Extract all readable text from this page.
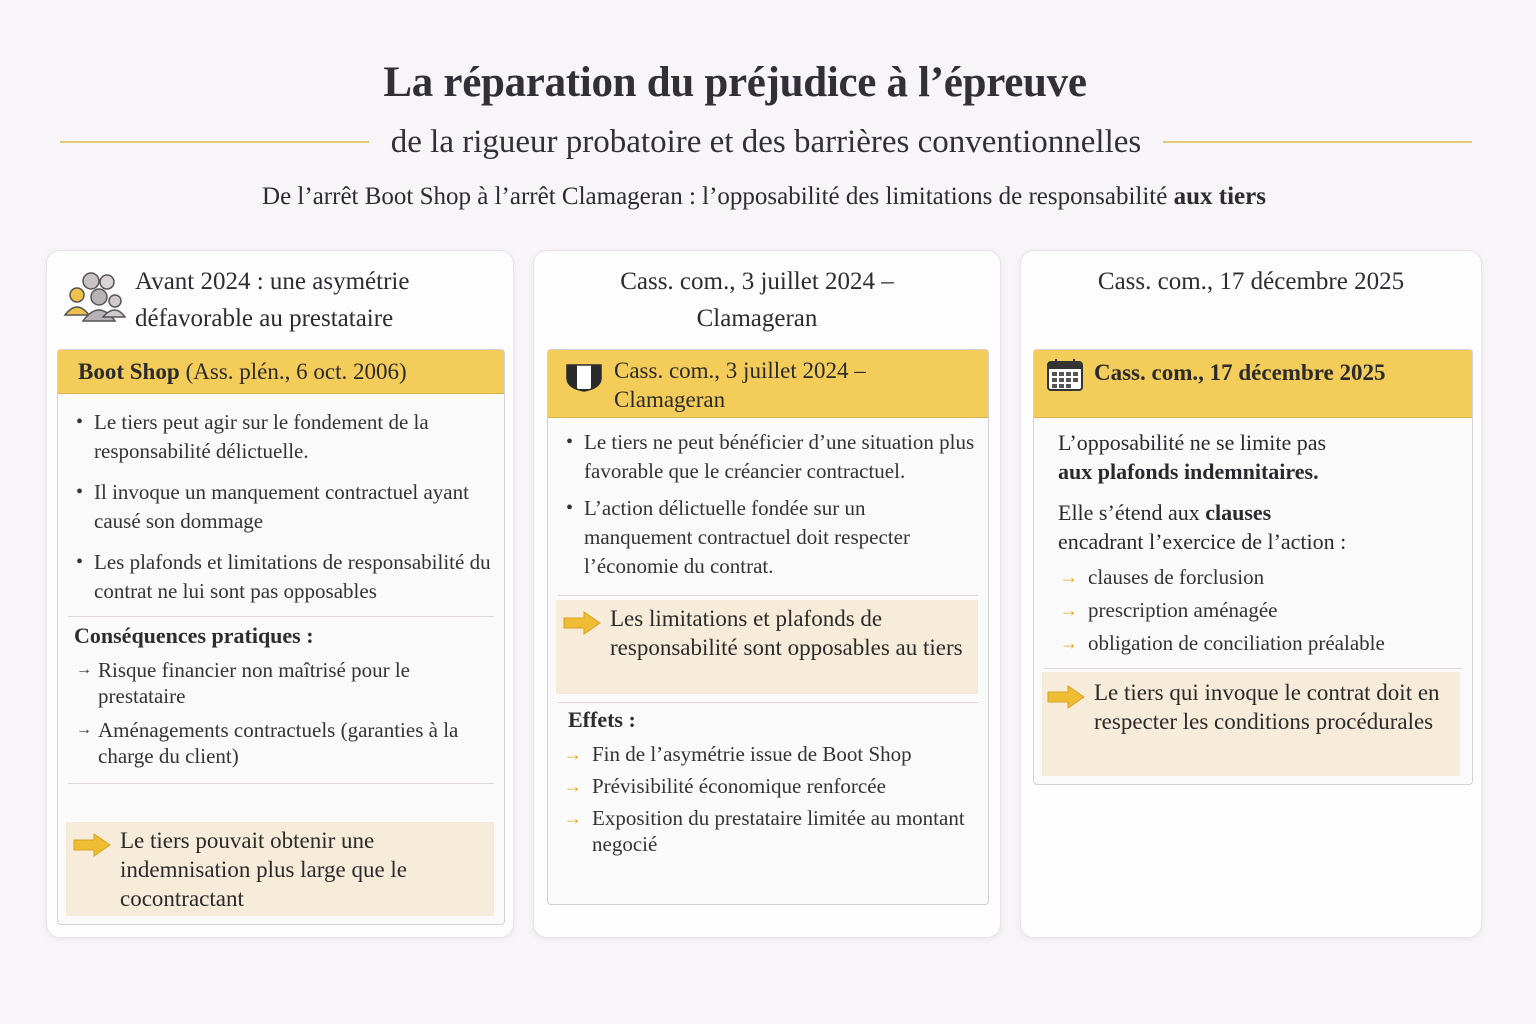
La réparation du préjudice à l’épreuve
de la rigueur probatoire et des barrières conventionnelles
De l’arrêt Boot Shop à l’arrêt Clamageran : l’opposabilité des limitations de responsabilité aux tiers
Avant 2024 : une asymétrie
défavorable au prestataire
Boot Shop (Ass. plén., 6 oct. 2006)
• Le tiers peut agir sur le fondement de la responsabilité délictuelle.
• Il invoque un manquement contractuel ayant causé son dommage
• Les plafonds et limitations de responsabilité du contrat ne lui sont pas opposables
Conséquences pratiques :
→ Risque financier non maîtrisé pour le prestataire
→ Aménagements contractuels (garanties à la charge du client)
Le tiers pouvait obtenir une indemnisation plus large que le cocontractant
Cass. com., 3 juillet 2024 –
Clamageran
Cass. com., 3 juillet 2024 –
Clamageran
• Le tiers ne peut bénéficier d’une situation plus favorable que le créancier contractuel.
• L’action délictuelle fondée sur un manquement contractuel doit respecter l’économie du contrat.
Les limitations et plafonds de responsabilité sont opposables au tiers
Effets :
→ Fin de l’asymétrie issue de Boot Shop
→ Prévisibilité économique renforcée
→ Exposition du prestataire limitée au montant negocié
Cass. com., 17 décembre 2025
Cass. com., 17 décembre 2025
L’opposabilité ne se limite pas
aux plafonds indemnitaires.
Elle s’étend aux clauses
encadrant l’exercice de l’action :
→ clauses de forclusion
→ prescription aménagée
→ obligation de conciliation préalable
Le tiers qui invoque le contrat doit en respecter les conditions procédurales
